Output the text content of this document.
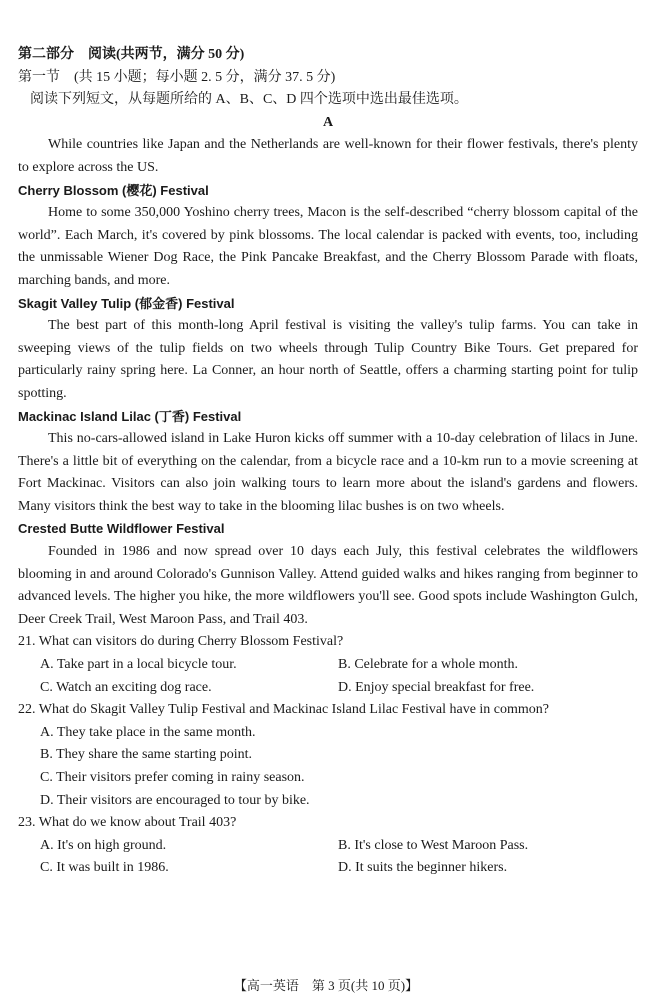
第二部分　阅读(共两节，满分 50 分)
第一节　(共 15 小题；每小题 2. 5 分，满分 37. 5 分)
阅读下列短文，从每题所给的 A、B、C、D 四个选项中选出最佳选项。
A
While countries like Japan and the Netherlands are well-known for their flower festivals, there's plenty to explore across the US.
Cherry Blossom (樱花) Festival
Home to some 350,000 Yoshino cherry trees, Macon is the self-described “cherry blossom capital of the world”. Each March, it's covered by pink blossoms. The local calendar is packed with events, too, including the unmissable Wiener Dog Race, the Pink Pancake Breakfast, and the Cherry Blossom Parade with floats, marching bands, and more.
Skagit Valley Tulip (郁金香) Festival
The best part of this month-long April festival is visiting the valley's tulip farms. You can take in sweeping views of the tulip fields on two wheels through Tulip Country Bike Tours. Get prepared for particularly rainy spring here. La Conner, an hour north of Seattle, offers a charming starting point for tulip spotting.
Mackinac Island Lilac (丁香) Festival
This no-cars-allowed island in Lake Huron kicks off summer with a 10-day celebration of lilacs in June. There's a little bit of everything on the calendar, from a bicycle race and a 10-km run to a movie screening at Fort Mackinac. Visitors can also join walking tours to learn more about the island's gardens and flowers. Many visitors think the best way to take in the blooming lilac bushes is on two wheels.
Crested Butte Wildflower Festival
Founded in 1986 and now spread over 10 days each July, this festival celebrates the wildflowers blooming in and around Colorado's Gunnison Valley. Attend guided walks and hikes ranging from beginner to advanced levels. The higher you hike, the more wildflowers you'll see. Good spots include Washington Gulch, Deer Creek Trail, West Maroon Pass, and Trail 403.
21. What can visitors do during Cherry Blossom Festival?
A. Take part in a local bicycle tour.	B. Celebrate for a whole month.
C. Watch an exciting dog race.	D. Enjoy special breakfast for free.
22. What do Skagit Valley Tulip Festival and Mackinac Island Lilac Festival have in common?
A. They take place in the same month.
B. They share the same starting point.
C. Their visitors prefer coming in rainy season.
D. Their visitors are encouraged to tour by bike.
23. What do we know about Trail 403?
A. It's on high ground.	B. It's close to West Maroon Pass.
C. It was built in 1986.	D. It suits the beginner hikers.
【高一英语　第 3 页(共 10 页)】
